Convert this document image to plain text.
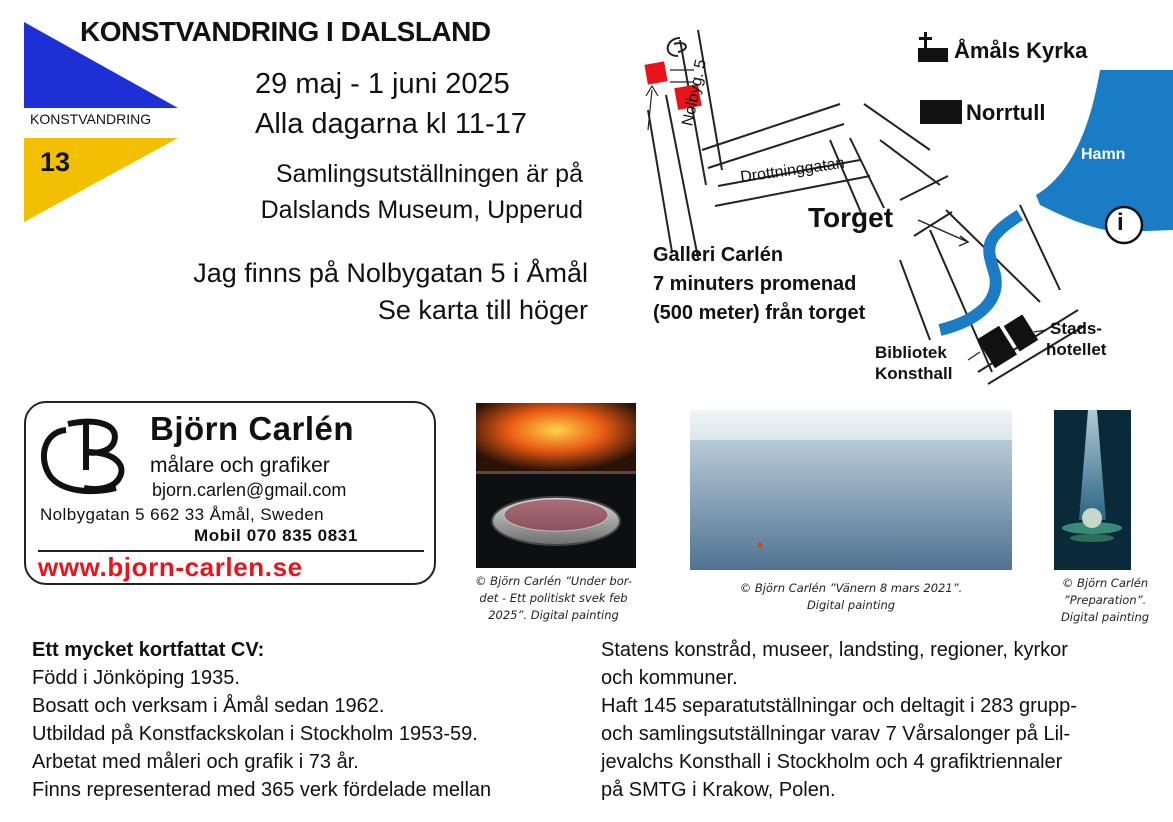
KONSTVANDRING
13
KONSTVANDRING I DALSLAND
29 maj - 1 juni 2025
Alla dagarna kl 11-17
Samlingsutställningen är på
Dalslands Museum, Upperud
Jag finns på Nolbygatan 5 i Åmål
Se karta till höger
Åmåls Kyrka
Norrtull
Hamn
Nolbyg. 5
Drottninggatan
Torget
Galleri Carlén
7 minuters promenad
(500 meter) från torget
Bibliotek
Konsthall
Stads-
hotellet
i
Björn Carlén
målare och grafiker
bjorn.carlen@gmail.com
Nolbygatan 5 662 33 Åmål, Sweden
Mobil 070 835 0831
www.bjorn-carlen.se	© Björn Carlén ”Under bor-
det - Ett politiskt svek feb
2025”. Digital painting
© Björn Carlén ”Vänern 8 mars 2021”.
Digital painting
© Björn Carlén
”Preparation”.
Digital painting
Ett mycket kortfattat CV:
Född i Jönköping 1935.
Bosatt och verksam i Åmål sedan 1962.
Utbildad på Konstfackskolan i Stockholm 1953-59.
Arbetat med måleri och grafik i 73 år.
Finns representerad med 365 verk fördelade mellan
Statens konstråd, museer, landsting, regioner, kyrkor
och kommuner.
Haft 145 separatutställningar och deltagit i 283 grupp-
och samlingsutställningar varav 7 Vårsalonger på Lil-
jevalchs Konsthall i Stockholm och 4 grafiktriennaler
på SMTG i Krakow, Polen.
